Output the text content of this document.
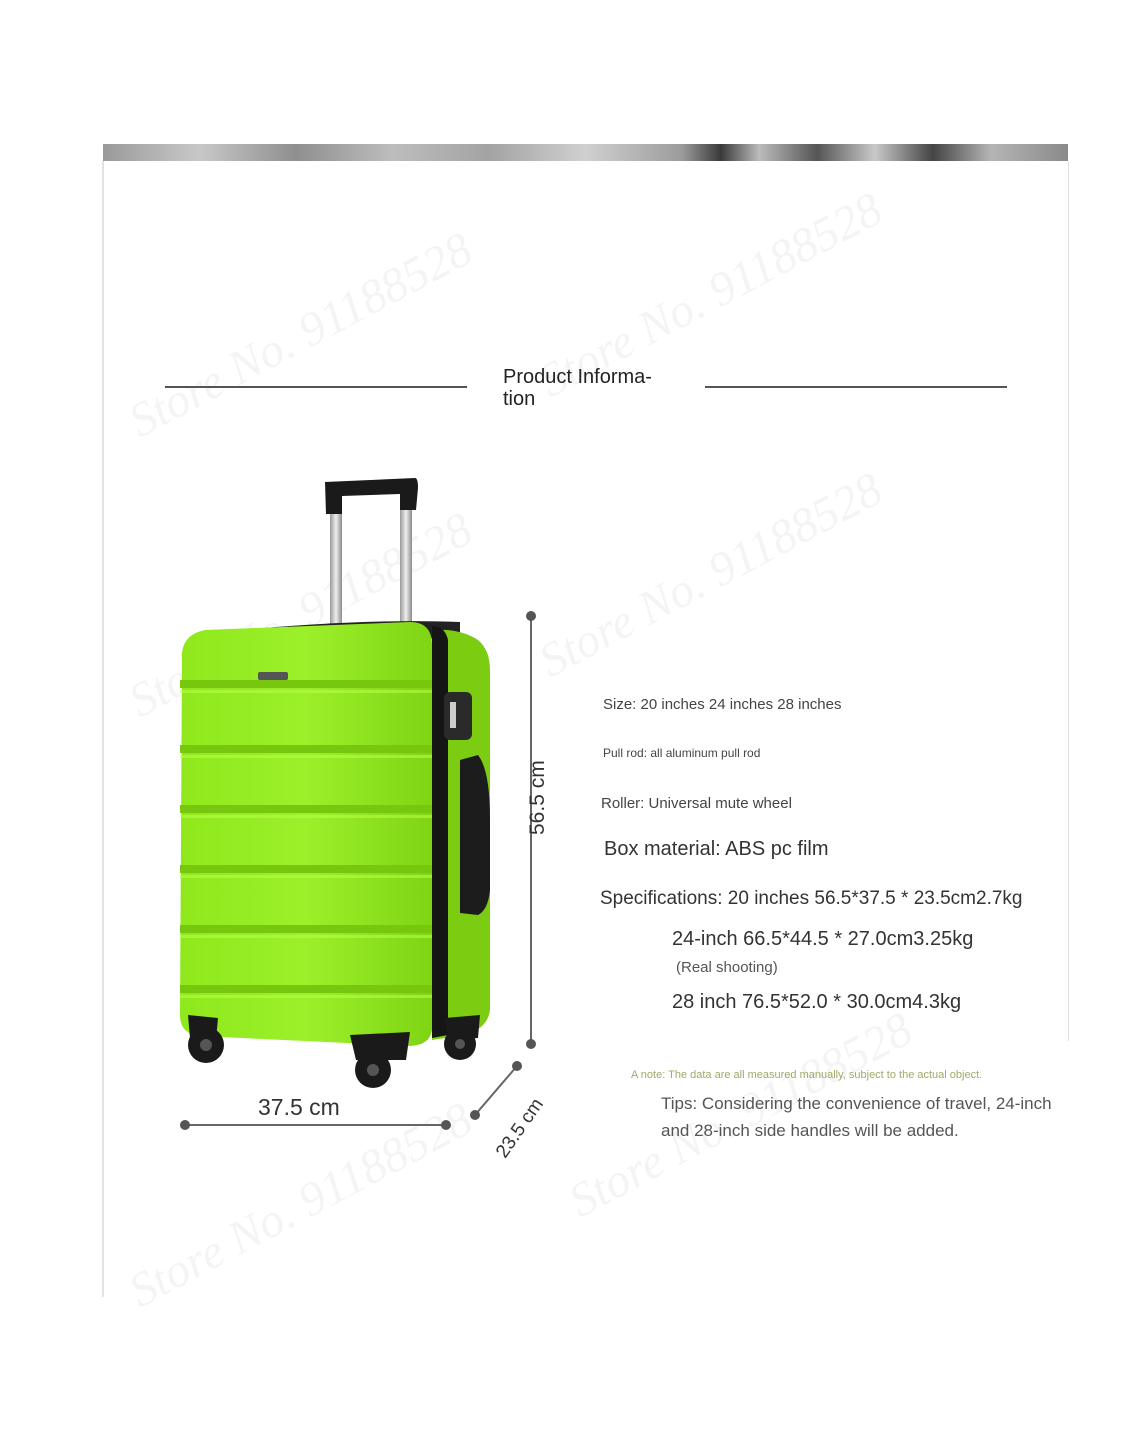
Product Informa-
tion
56.5 cm
37.5 cm	23.5 cm
Size: 20 inches 24 inches 28 inches
Pull rod: all aluminum pull rod
Roller: Universal mute wheel
Box material: ABS pc film
Specifications: 20 inches 56.5*37.5 * 23.5cm2.7kg
24-inch 66.5*44.5 * 27.0cm3.25kg
(Real shooting)
28 inch 76.5*52.0 * 30.0cm4.3kg
A note: The data are all measured manually, subject to the actual object.
Tips: Considering the convenience of travel, 24-inch and 28-inch side handles will be added.
